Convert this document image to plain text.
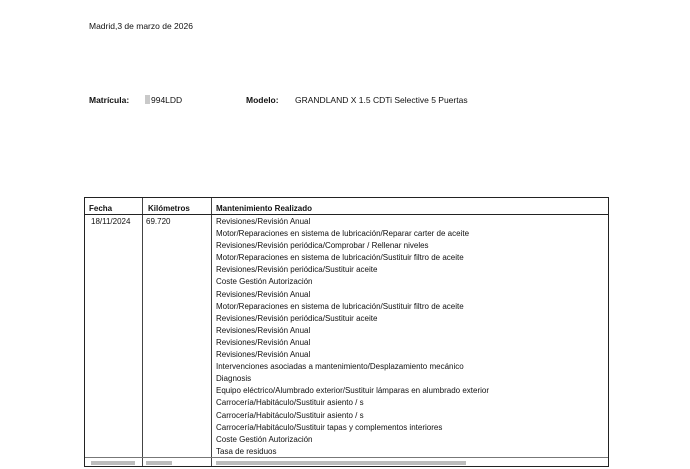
Madrid,3 de marzo de 2026
Matrícula:	994LDD	Modelo: GRANDLAND X 1.5 CDTi Selective 5 Puertas
Fecha	Kilómetros	Mantenimiento Realizado
18/11/2024 69.720	Revisiones/Revisión Anual
Motor/Reparaciones en sistema de lubricación/Reparar carter de aceite
Revisiones/Revisión periódica/Comprobar / Rellenar niveles
Motor/Reparaciones en sistema de lubricación/Sustituir filtro de aceite
Revisiones/Revisión periódica/Sustituir aceite
Coste Gestión Autorización
Revisiones/Revisión Anual
Motor/Reparaciones en sistema de lubricación/Sustituir filtro de aceite
Revisiones/Revisión periódica/Sustituir aceite
Revisiones/Revisión Anual
Revisiones/Revisión Anual
Revisiones/Revisión Anual
Intervenciones asociadas a mantenimiento/Desplazamiento mecánico
Diagnosis
Equipo eléctrico/Alumbrado exterior/Sustituir lámparas en alumbrado exterior
Carrocería/Habitáculo/Sustituir asiento / s
Carrocería/Habitáculo/Sustituir asiento / s
Carrocería/Habitáculo/Sustituir tapas y complementos interiores
Coste Gestión Autorización
Tasa de residuos
